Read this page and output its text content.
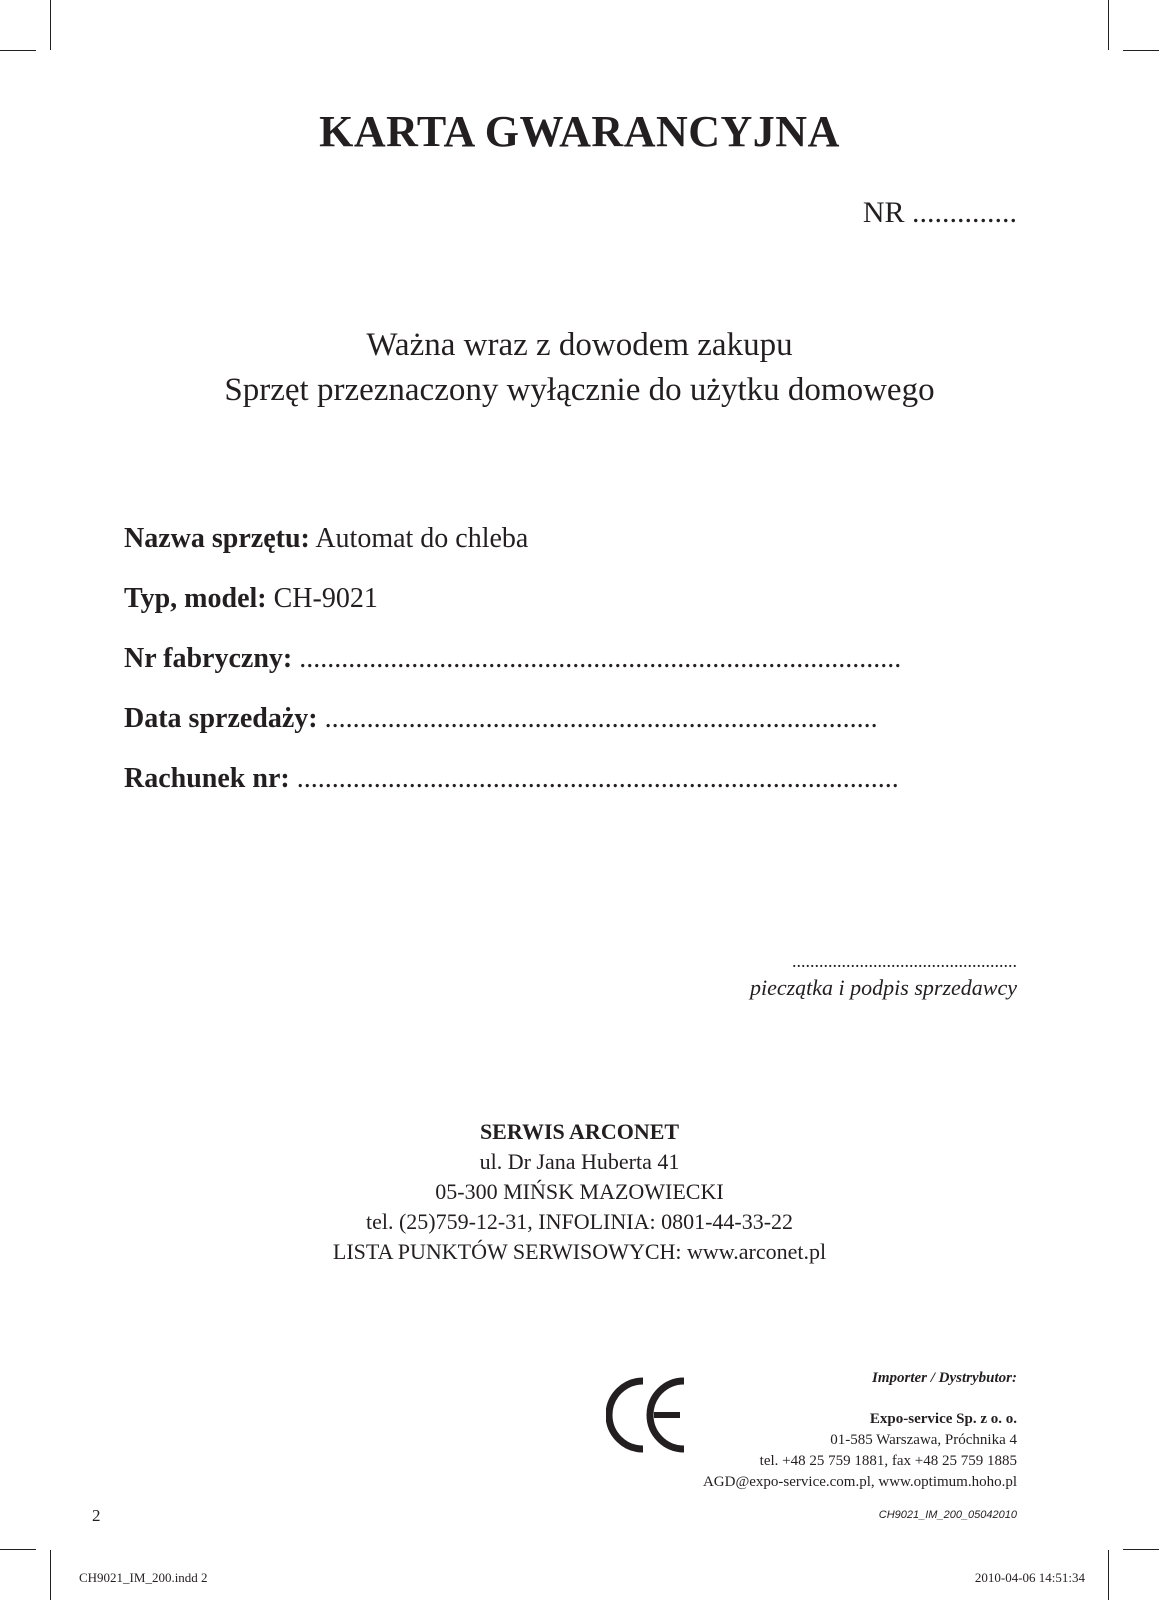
KARTA GWARANCYJNA
NR ..............
Ważna wraz z dowodem zakupu
Sprzęt przeznaczony wyłącznie do użytku domowego
Nazwa sprzętu: Automat do chleba
Typ, model: CH-9021
Nr fabryczny: ......................................................................................
Data sprzedaży: ...............................................................................
Rachunek nr: ......................................................................................
..................................................
pieczątka i podpis sprzedawcy
SERWIS ARCONET
ul. Dr Jana Huberta 41
05-300 MIŃSK MAZOWIECKI
tel. (25)759-12-31, INFOLINIA: 0801-44-33-22
LISTA PUNKTÓW SERWISOWYCH: www.arconet.pl
Importer / Dystrybutor:
Expo-service Sp. z o. o.
01-585 Warszawa, Próchnika 4
tel. +48 25 759 1881, fax +48 25 759 1885
AGD@expo-service.com.pl, www.optimum.hoho.pl
2	CH9021_IM_200_05042010
CH9021_IM_200.indd 2	2010-04-06 14:51:34
